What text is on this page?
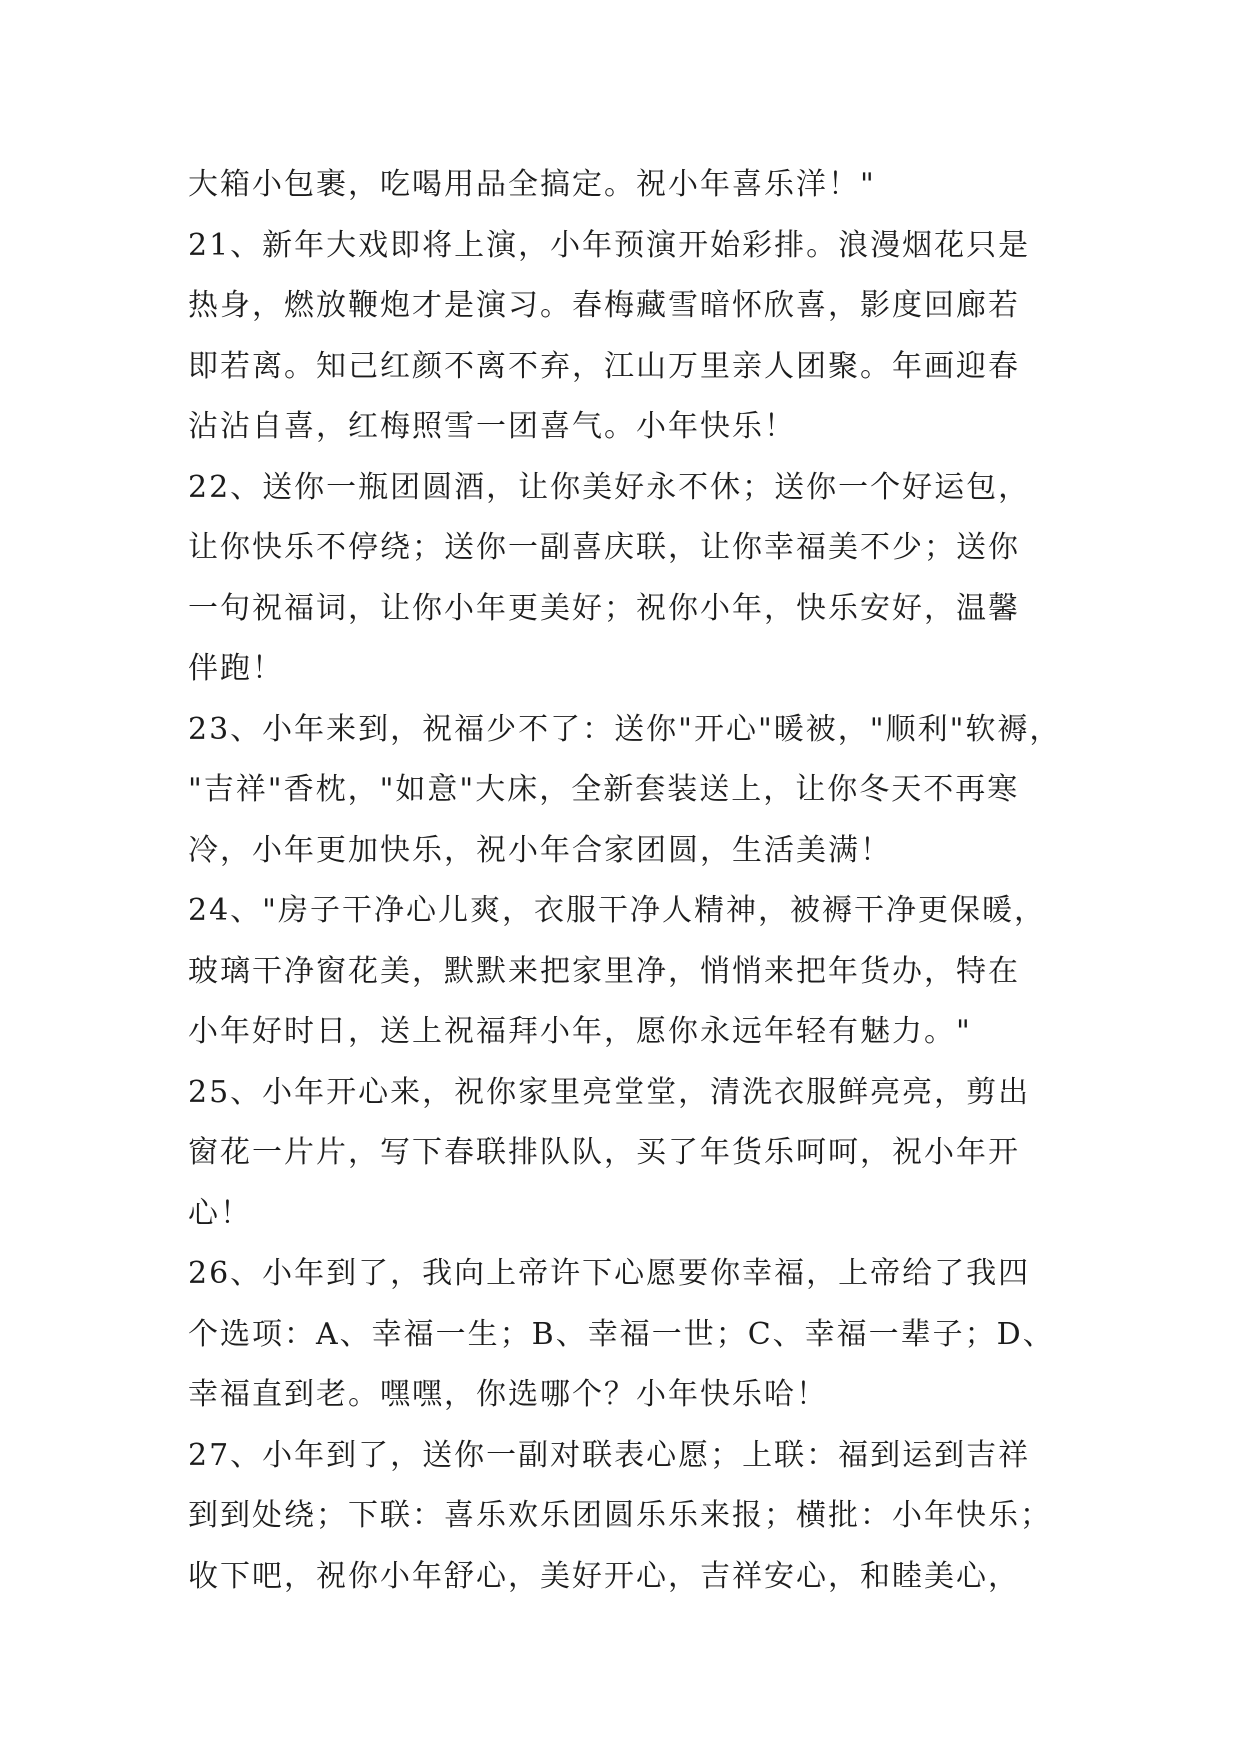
大箱小包裹，吃喝用品全搞定。祝小年喜乐洋！"
21、新年大戏即将上演，小年预演开始彩排。浪漫烟花只是
热身，燃放鞭炮才是演习。春梅藏雪暗怀欣喜，影度回廊若
即若离。知己红颜不离不弃，江山万里亲人团聚。年画迎春
沾沾自喜，红梅照雪一团喜气。小年快乐！
22、送你一瓶团圆酒，让你美好永不休；送你一个好运包，
让你快乐不停绕；送你一副喜庆联，让你幸福美不少；送你
一句祝福词，让你小年更美好；祝你小年，快乐安好，温馨
伴跑！
23、小年来到，祝福少不了：送你"开心"暖被，"顺利"软褥，
"吉祥"香枕，"如意"大床，全新套装送上，让你冬天不再寒
冷，小年更加快乐，祝小年合家团圆，生活美满！
24、"房子干净心儿爽，衣服干净人精神，被褥干净更保暖，
玻璃干净窗花美，默默来把家里净，悄悄来把年货办，特在
小年好时日，送上祝福拜小年，愿你永远年轻有魅力。"
25、小年开心来，祝你家里亮堂堂，清洗衣服鲜亮亮，剪出
窗花一片片，写下春联排队队，买了年货乐呵呵，祝小年开
心！
26、小年到了，我向上帝许下心愿要你幸福，上帝给了我四
个选项：A、幸福一生；B、幸福一世；C、幸福一辈子；D、
幸福直到老。嘿嘿，你选哪个？小年快乐哈！
27、小年到了，送你一副对联表心愿；上联：福到运到吉祥
到到处绕；下联：喜乐欢乐团圆乐乐来报；横批：小年快乐；
收下吧，祝你小年舒心，美好开心，吉祥安心，和睦美心，
